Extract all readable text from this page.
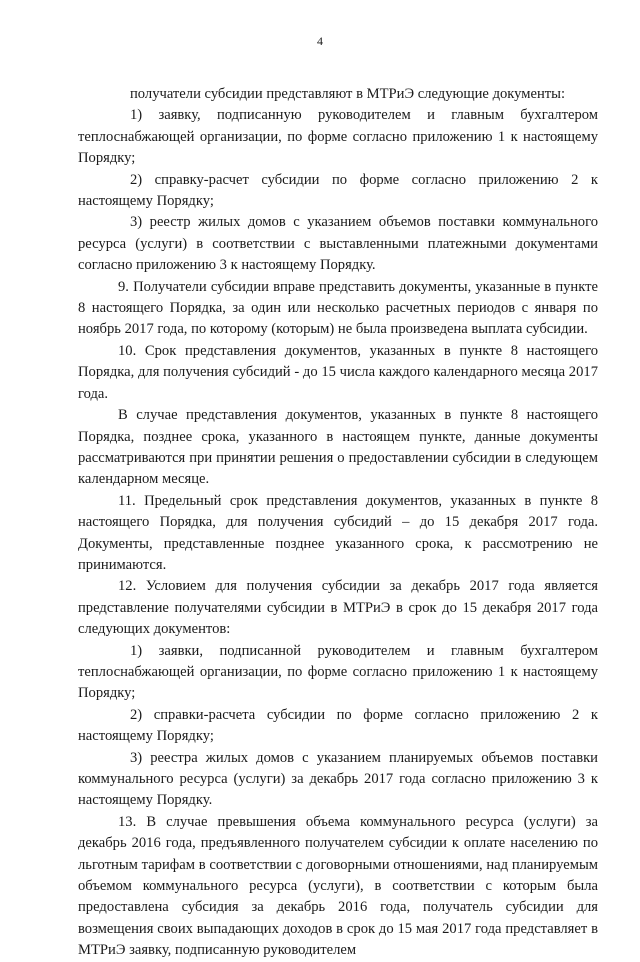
4

получатели субсидии представляют в МТРиЭ следующие документы:

1) заявку, подписанную руководителем и главным бухгалтером теплоснабжающей организации, по форме согласно приложению 1 к настоящему Порядку;

2) справку-расчет субсидии по форме согласно приложению 2 к настоящему Порядку;

3) реестр жилых домов с указанием объемов поставки коммунального ресурса (услуги) в соответствии с выставленными платежными документами согласно приложению 3 к настоящему Порядку.

9. Получатели субсидии вправе представить документы, указанные в пункте 8 настоящего Порядка, за один или несколько расчетных периодов с января по ноябрь 2017 года, по которому (которым) не была произведена выплата субсидии.

10. Срок представления документов, указанных в пункте 8 настоящего Порядка, для получения субсидий - до 15 числа каждого календарного месяца 2017 года.

В случае представления документов, указанных в пункте 8 настоящего Порядка, позднее срока, указанного в настоящем пункте, данные документы рассматриваются при принятии решения о предоставлении субсидии в следующем календарном месяце.

11. Предельный срок представления документов, указанных в пункте 8 настоящего Порядка, для получения субсидий – до 15 декабря 2017 года. Документы, представленные позднее указанного срока, к рассмотрению не принимаются.

12. Условием для получения субсидии за декабрь 2017 года является представление получателями субсидии в МТРиЭ в срок до 15 декабря 2017 года следующих документов:

1) заявки, подписанной руководителем и главным бухгалтером теплоснабжающей организации, по форме согласно приложению 1 к настоящему Порядку;

2) справки-расчета субсидии по форме согласно приложению 2 к настоящему Порядку;

3) реестра жилых домов с указанием планируемых объемов поставки коммунального ресурса (услуги) за декабрь 2017 года согласно приложению 3 к настоящему Порядку.

13. В случае превышения объема коммунального ресурса (услуги) за декабрь 2016 года, предъявленного получателем субсидии к оплате населению по льготным тарифам в соответствии с договорными отношениями, над планируемым объемом коммунального ресурса (услуги), в соответствии с которым была предоставлена субсидия за декабрь 2016 года, получатель субсидии для возмещения своих выпадающих доходов в срок до 15 мая 2017 года представляет в МТРиЭ заявку, подписанную руководителем
